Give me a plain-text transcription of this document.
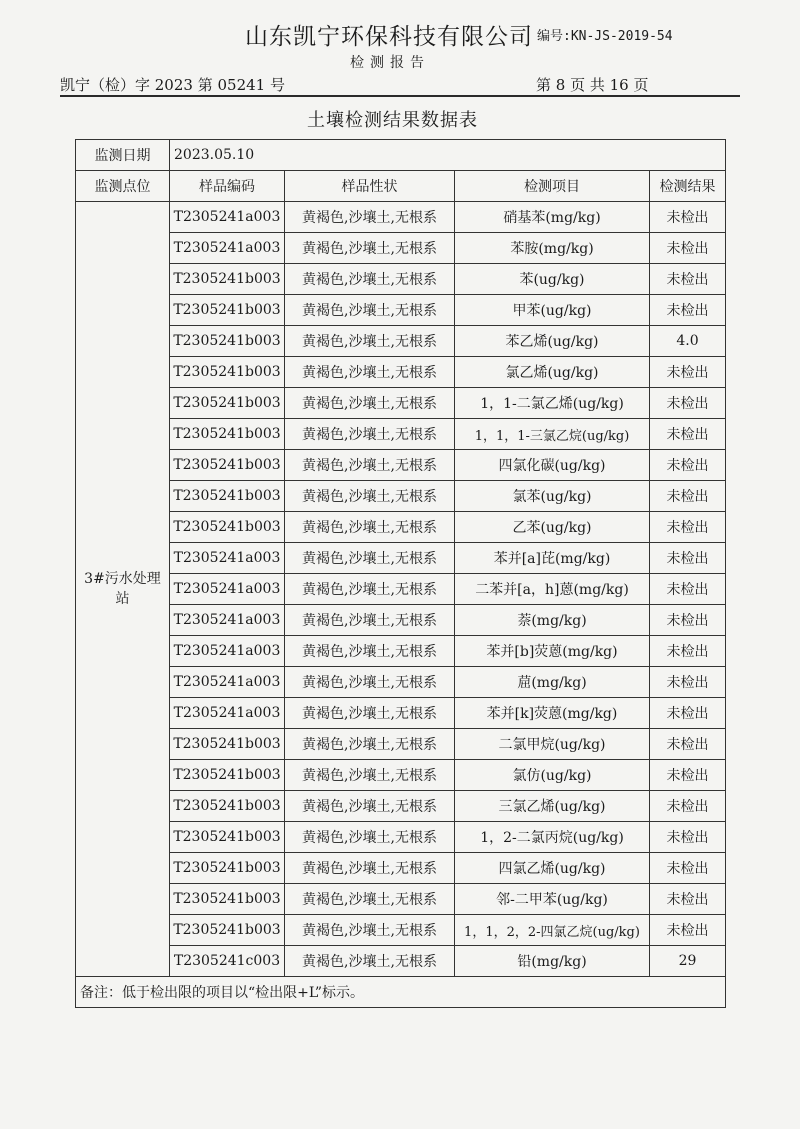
山东凯宁环保科技有限公司 编号:KN-JS-2019-54
检测报告
凯宁（检）字 2023 第 05241 号	第 8 页 共 16 页
土壤检测结果数据表
监测日期	2023.05.10			
监测点位	样品编码	样品性状	检测项目	检测结果
3#污水处理站	T2305241a003	黄褐色,沙壤土,无根系	硝基苯(mg/kg)	未检出
	T2305241a003	黄褐色,沙壤土,无根系	苯胺(mg/kg)	未检出
	T2305241b003	黄褐色,沙壤土,无根系	苯(ug/kg)	未检出
	T2305241b003	黄褐色,沙壤土,无根系	甲苯(ug/kg)	未检出
	T2305241b003	黄褐色,沙壤土,无根系	苯乙烯(ug/kg)	4.0
	T2305241b003	黄褐色,沙壤土,无根系	氯乙烯(ug/kg)	未检出
	T2305241b003	黄褐色,沙壤土,无根系	1，1-二氯乙烯(ug/kg)	未检出
	T2305241b003	黄褐色,沙壤土,无根系	1，1，1-三氯乙烷(ug/kg)	未检出
	T2305241b003	黄褐色,沙壤土,无根系	四氯化碳(ug/kg)	未检出
	T2305241b003	黄褐色,沙壤土,无根系	氯苯(ug/kg)	未检出
	T2305241b003	黄褐色,沙壤土,无根系	乙苯(ug/kg)	未检出
	T2305241a003	黄褐色,沙壤土,无根系	苯并[a]芘(mg/kg)	未检出
	T2305241a003	黄褐色,沙壤土,无根系	二苯并[a，h]蒽(mg/kg)	未检出
	T2305241a003	黄褐色,沙壤土,无根系	萘(mg/kg)	未检出
	T2305241a003	黄褐色,沙壤土,无根系	苯并[b]荧蒽(mg/kg)	未检出
	T2305241a003	黄褐色,沙壤土,无根系	䓛(mg/kg)	未检出
	T2305241a003	黄褐色,沙壤土,无根系	苯并[k]荧蒽(mg/kg)	未检出
	T2305241b003	黄褐色,沙壤土,无根系	二氯甲烷(ug/kg)	未检出
	T2305241b003	黄褐色,沙壤土,无根系	氯仿(ug/kg)	未检出
	T2305241b003	黄褐色,沙壤土,无根系	三氯乙烯(ug/kg)	未检出
	T2305241b003	黄褐色,沙壤土,无根系	1，2-二氯丙烷(ug/kg)	未检出
	T2305241b003	黄褐色,沙壤土,无根系	四氯乙烯(ug/kg)	未检出
	T2305241b003	黄褐色,沙壤土,无根系	邻-二甲苯(ug/kg)	未检出
	T2305241b003	黄褐色,沙壤土,无根系	1，1，2，2-四氯乙烷(ug/kg)	未检出
	T2305241c003	黄褐色,沙壤土,无根系	铅(mg/kg)	29
备注：低于检出限的项目以“检出限+L”标示。				
